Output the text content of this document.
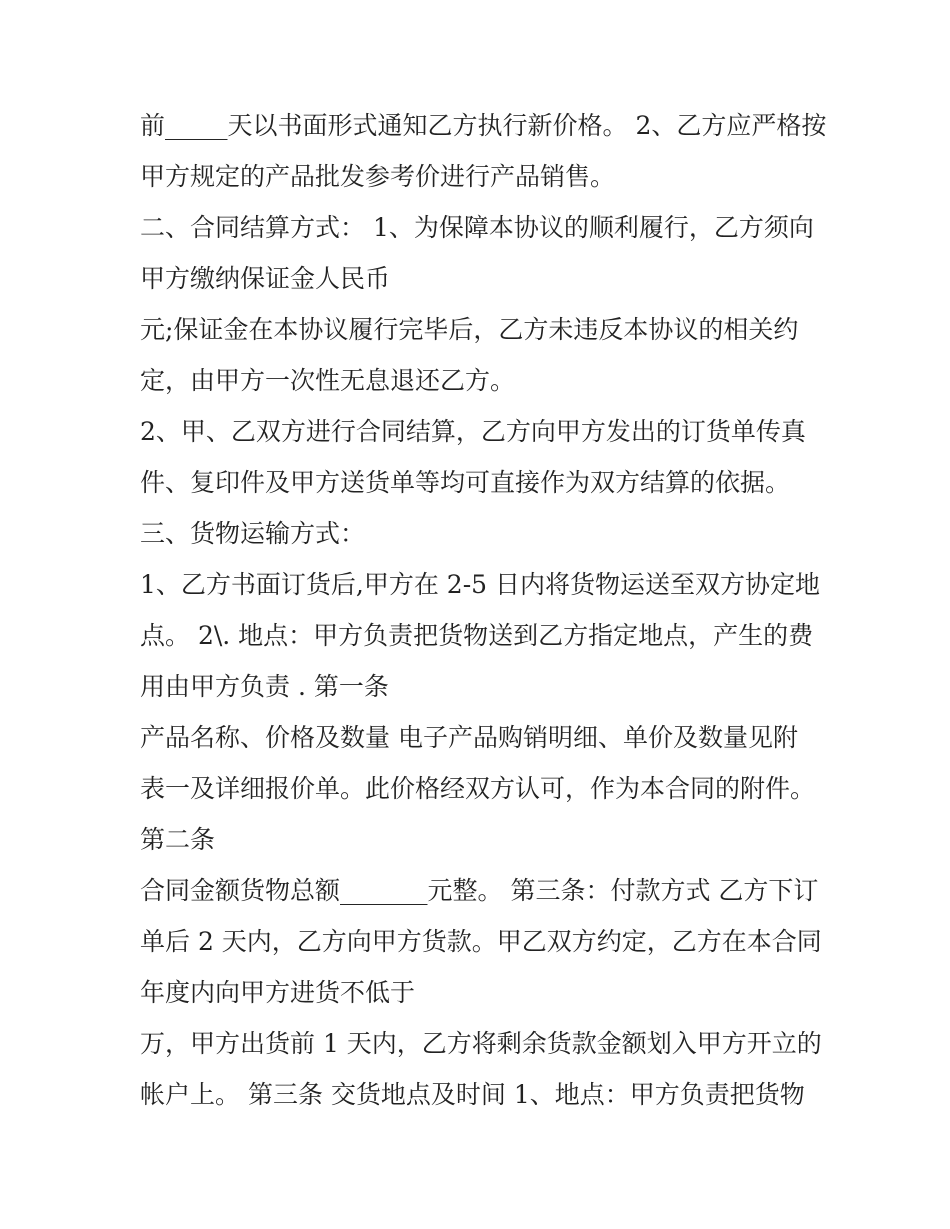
前_____天以书面形式通知乙方执行新价格。 2、乙方应严格按
甲方规定的产品批发参考价进行产品销售。
二、合同结算方式： 1、为保障本协议的顺利履行，乙方须向
甲方缴纳保证金人民币
元;保证金在本协议履行完毕后，乙方未违反本协议的相关约
定，由甲方一次性无息退还乙方。
2、甲、乙双方进行合同结算，乙方向甲方发出的订货单传真
件、复印件及甲方送货单等均可直接作为双方结算的依据。
三、货物运输方式：
1、乙方书面订货后,甲方在 2-5 日内将货物运送至双方协定地
点。 2\. 地点：甲方负责把货物送到乙方指定地点，产生的费
用由甲方负责 . 第一条
产品名称、价格及数量 电子产品购销明细、单价及数量见附
表一及详细报价单。此价格经双方认可，作为本合同的附件。
第二条
合同金额货物总额_______元整。 第三条：付款方式 乙方下订
单后 2 天内，乙方向甲方货款。甲乙双方约定，乙方在本合同
年度内向甲方进货不低于
万，甲方出货前 1 天内，乙方将剩余货款金额划入甲方开立的
帐户上。 第三条 交货地点及时间 1、地点：甲方负责把货物
